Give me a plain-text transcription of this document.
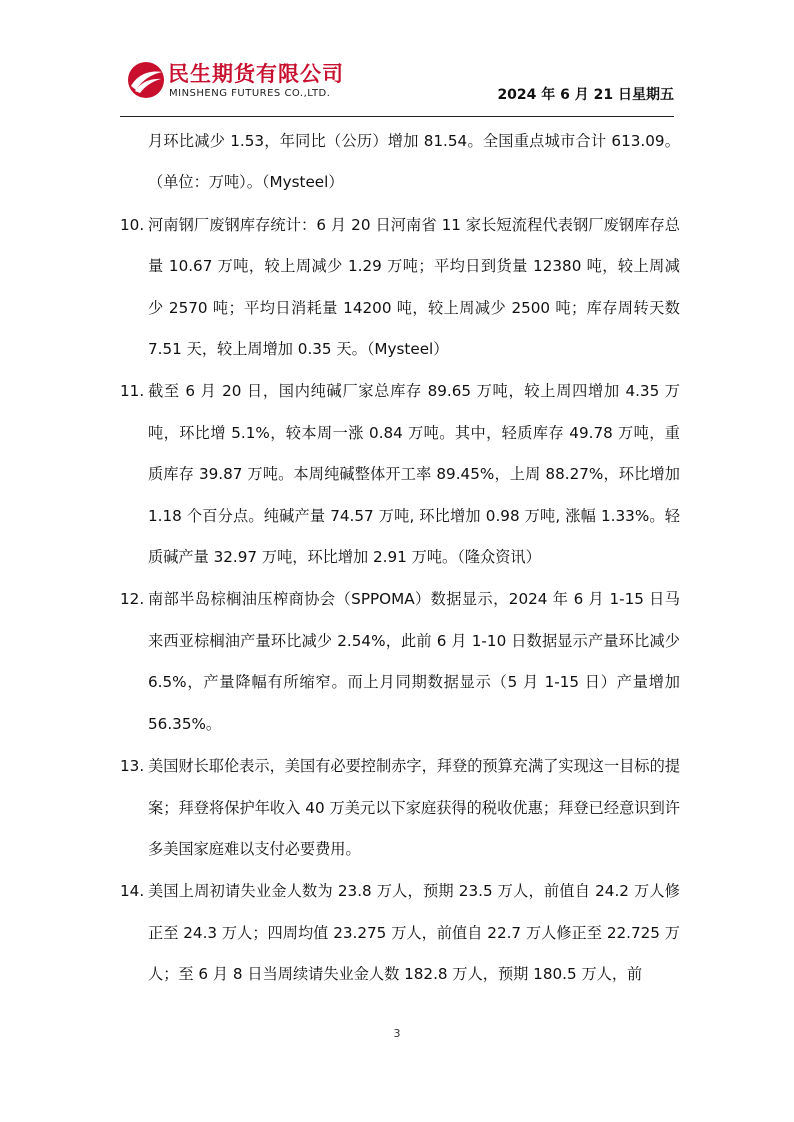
民生期货有限公司
MINSHENG FUTURES CO.,LTD.	2024 年 6 月 21 日星期五
月环比减少 1.53，年同比（公历）增加 81.54。全国重点城市合计 613.09。（单位：万吨）。（Mysteel）
10. 河南钢厂废钢库存统计：6 月 20 日河南省 11 家长短流程代表钢厂废钢库存总量 10.67 万吨，较上周减少 1.29 万吨；平均日到货量 12380 吨，较上周减少 2570 吨；平均日消耗量 14200 吨，较上周减少 2500 吨；库存周转天数 7.51 天，较上周增加 0.35 天。（Mysteel）
11. 截至 6 月 20 日，国内纯碱厂家总库存 89.65 万吨，较上周四增加 4.35 万吨，环比增 5.1%，较本周一涨 0.84 万吨。其中，轻质库存 49.78 万吨，重质库存 39.87 万吨。本周纯碱整体开工率 89.45%，上周 88.27%，环比增加 1.18 个百分点。纯碱产量 74.57 万吨, 环比增加 0.98 万吨, 涨幅 1.33%。轻质碱产量 32.97 万吨，环比增加 2.91 万吨。（隆众资讯）
12. 南部半岛棕榈油压榨商协会（SPPOMA）数据显示，2024 年 6 月 1-15 日马来西亚棕榈油产量环比减少 2.54%，此前 6 月 1-10 日数据显示产量环比减少 6.5%，产量降幅有所缩窄。而上月同期数据显示（5 月 1-15 日）产量增加 56.35%。
13. 美国财长耶伦表示，美国有必要控制赤字，拜登的预算充满了实现这一目标的提案；拜登将保护年收入 40 万美元以下家庭获得的税收优惠；拜登已经意识到许多美国家庭难以支付必要费用。
14. 美国上周初请失业金人数为 23.8 万人，预期 23.5 万人，前值自 24.2 万人修正至 24.3 万人；四周均值 23.275 万人，前值自 22.7 万人修正至 22.725 万人；至 6 月 8 日当周续请失业金人数 182.8 万人，预期 180.5 万人，前
3
